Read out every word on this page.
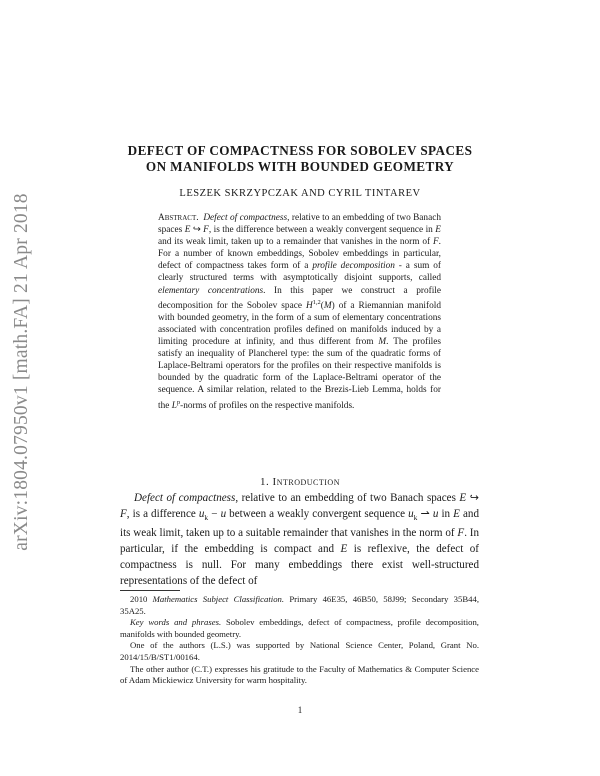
arXiv:1804.07950v1 [math.FA] 21 Apr 2018
DEFECT OF COMPACTNESS FOR SOBOLEV SPACES
ON MANIFOLDS WITH BOUNDED GEOMETRY
LESZEK SKRZYPCZAK AND CYRIL TINTAREV
Abstract. Defect of compactness, relative to an embedding of two Banach spaces E ↪ F, is the difference between a weakly convergent sequence in E and its weak limit, taken up to a remainder that vanishes in the norm of F. For a number of known embeddings, Sobolev embeddings in particular, defect of compactness takes form of a profile decomposition - a sum of clearly structured terms with asymptotically disjoint supports, called elementary concentrations. In this paper we construct a profile decomposition for the Sobolev space H$^{1,2}$(M) of a Riemannian manifold with bounded geometry, in the form of a sum of elementary concentrations associated with concentration profiles defined on manifolds induced by a limiting procedure at infinity, and thus different from M. The profiles satisfy an inequality of Plancherel type: the sum of the quadratic forms of Laplace-Beltrami operators for the profiles on their respective manifolds is bounded by the quadratic form of the Laplace-Beltrami operator of the sequence. A similar relation, related to the Brezis-Lieb Lemma, holds for the $L^p$-norms of profiles on the respective manifolds.
1. Introduction
Defect of compactness, relative to an embedding of two Banach spaces E ↪ F, is a difference $u_k - u$ between a weakly convergent sequence $u_k$ ⇀ u in E and its weak limit, taken up to a suitable remainder that vanishes in the norm of F. In particular, if the embedding is compact and E is reflexive, the defect of compactness is null. For many embeddings there exist well-structured representations of the defect of

2010 Mathematics Subject Classification. Primary 46E35, 46B50, 58J99; Secondary 35B44, 35A25.

Key words and phrases. Sobolev embeddings, defect of compactness, profile decomposition, manifolds with bounded geometry.

One of the authors (L.S.) was supported by National Science Center, Poland, Grant No. 2014/15/B/ST1/00164.

The other author (C.T.) expresses his gratitude to the Faculty of Mathematics & Computer Science of Adam Mickiewicz University for warm hospitality.

1
